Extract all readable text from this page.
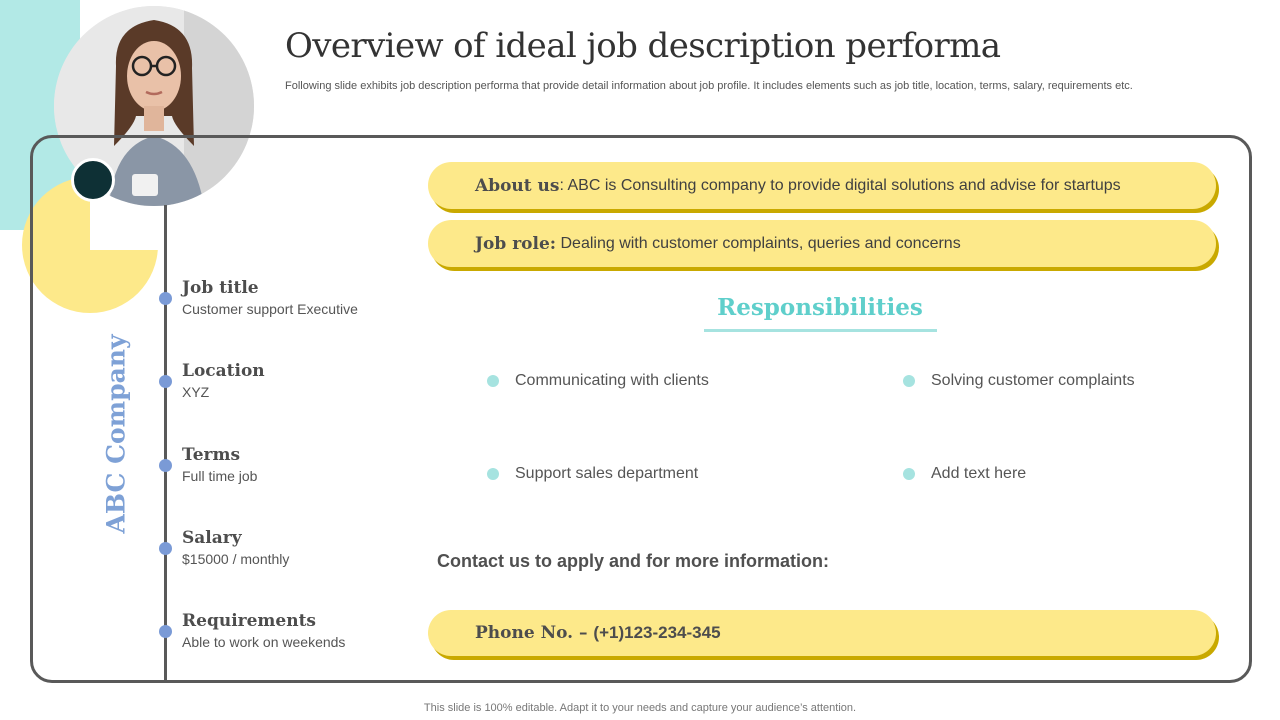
Overview of ideal job description performa
Following slide exhibits job description performa that provide detail information about job profile. It includes elements such as job title, location, terms, salary, requirements etc.
ABC Company
Job title
Customer support Executive
Location
XYZ
Terms
Full time job
Salary
$15000 / monthly
Requirements
Able to work on weekends
About us : ABC is Consulting company to provide digital solutions and advise for startups
Job role: Dealing with customer complaints, queries and concerns
Responsibilities
Communicating with clients	Solving customer complaints
Support sales department	Add text here
Contact us to apply and for more information:
Phone No. – (+1)123-234-345
This slide is 100% editable. Adapt it to your needs and capture your audience’s attention.
